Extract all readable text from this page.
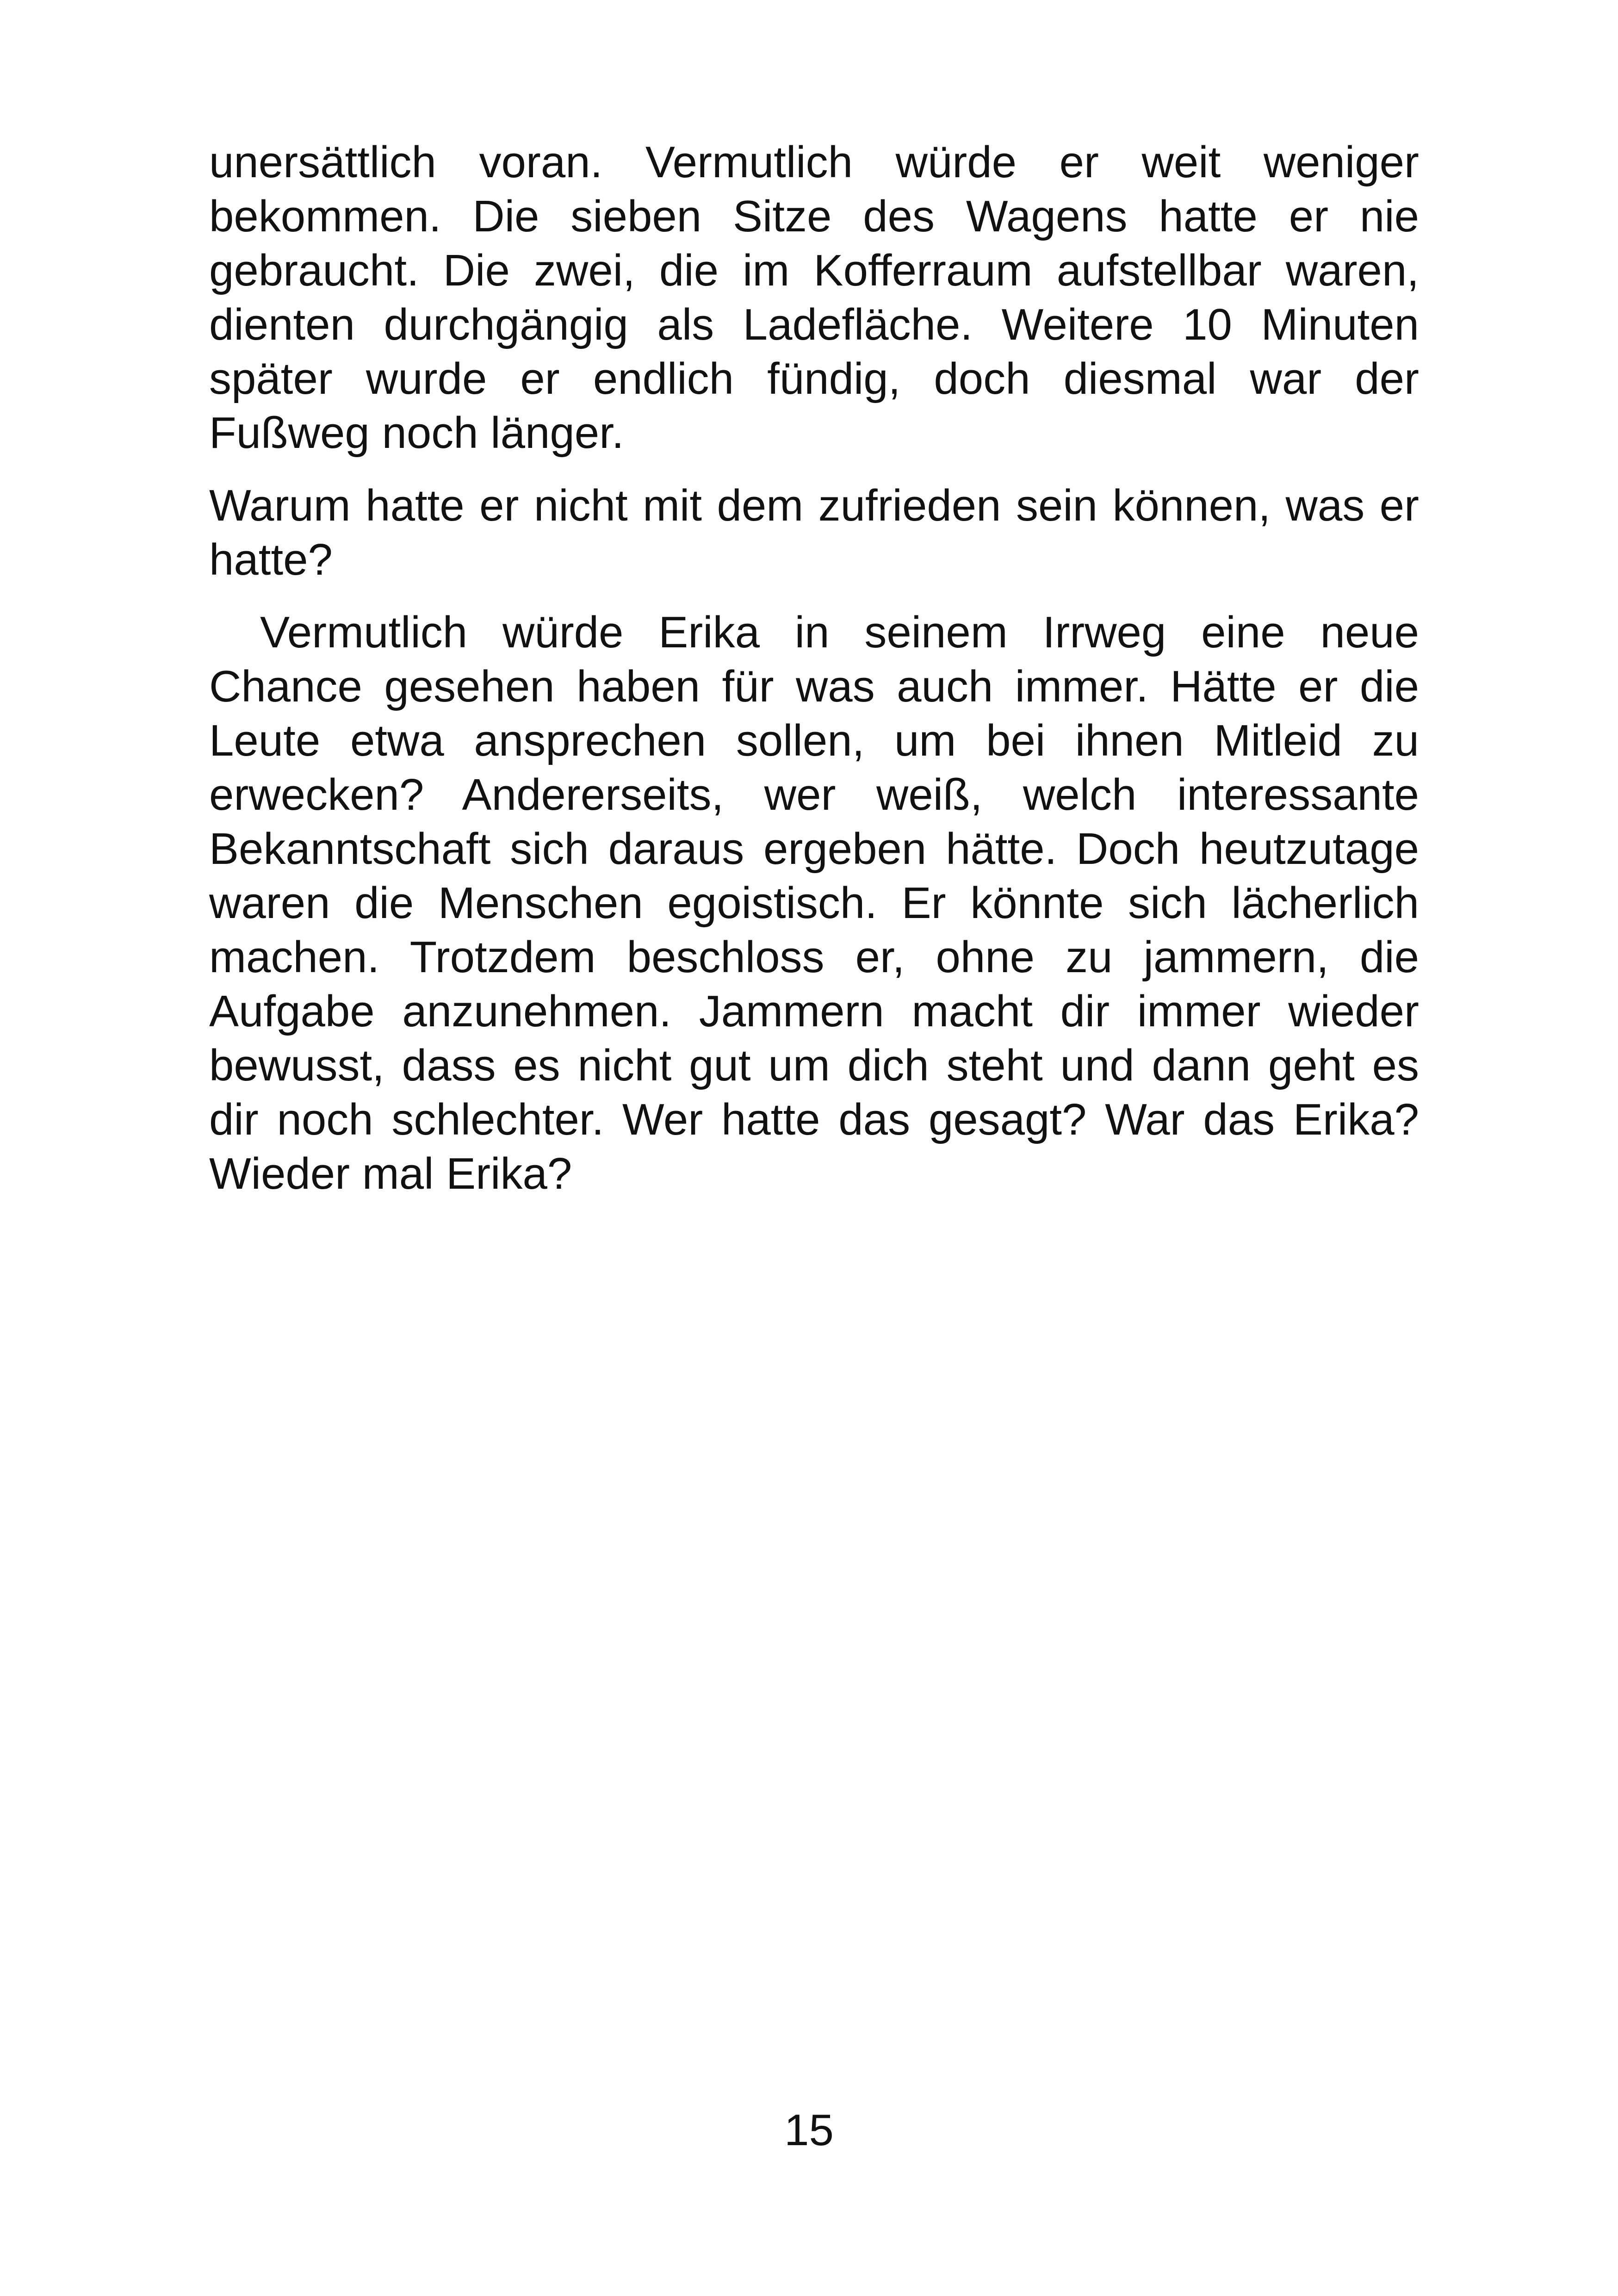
unersättlich voran. Vermutlich würde er weit weniger bekommen. Die sieben Sitze des Wagens hatte er nie gebraucht. Die zwei, die im Kofferraum aufstellbar waren, dienten durchgängig als Ladefläche. Weitere 10 Minuten später wurde er endlich fündig, doch diesmal war der Fußweg noch länger.

Warum hatte er nicht mit dem zufrieden sein können, was er hatte?

Vermutlich würde Erika in seinem Irrweg eine neue Chance gesehen haben für was auch immer. Hätte er die Leute etwa ansprechen sollen, um bei ihnen Mitleid zu erwecken? Andererseits, wer weiß, welch interessante Bekanntschaft sich daraus ergeben hätte. Doch heutzutage waren die Menschen egoistisch. Er könnte sich lächerlich machen. Trotzdem beschloss er, ohne zu jammern, die Aufgabe anzunehmen. Jammern macht dir immer wieder bewusst, dass es nicht gut um dich steht und dann geht es dir noch schlechter. Wer hatte das gesagt? War das Erika? Wieder mal Erika?

15
